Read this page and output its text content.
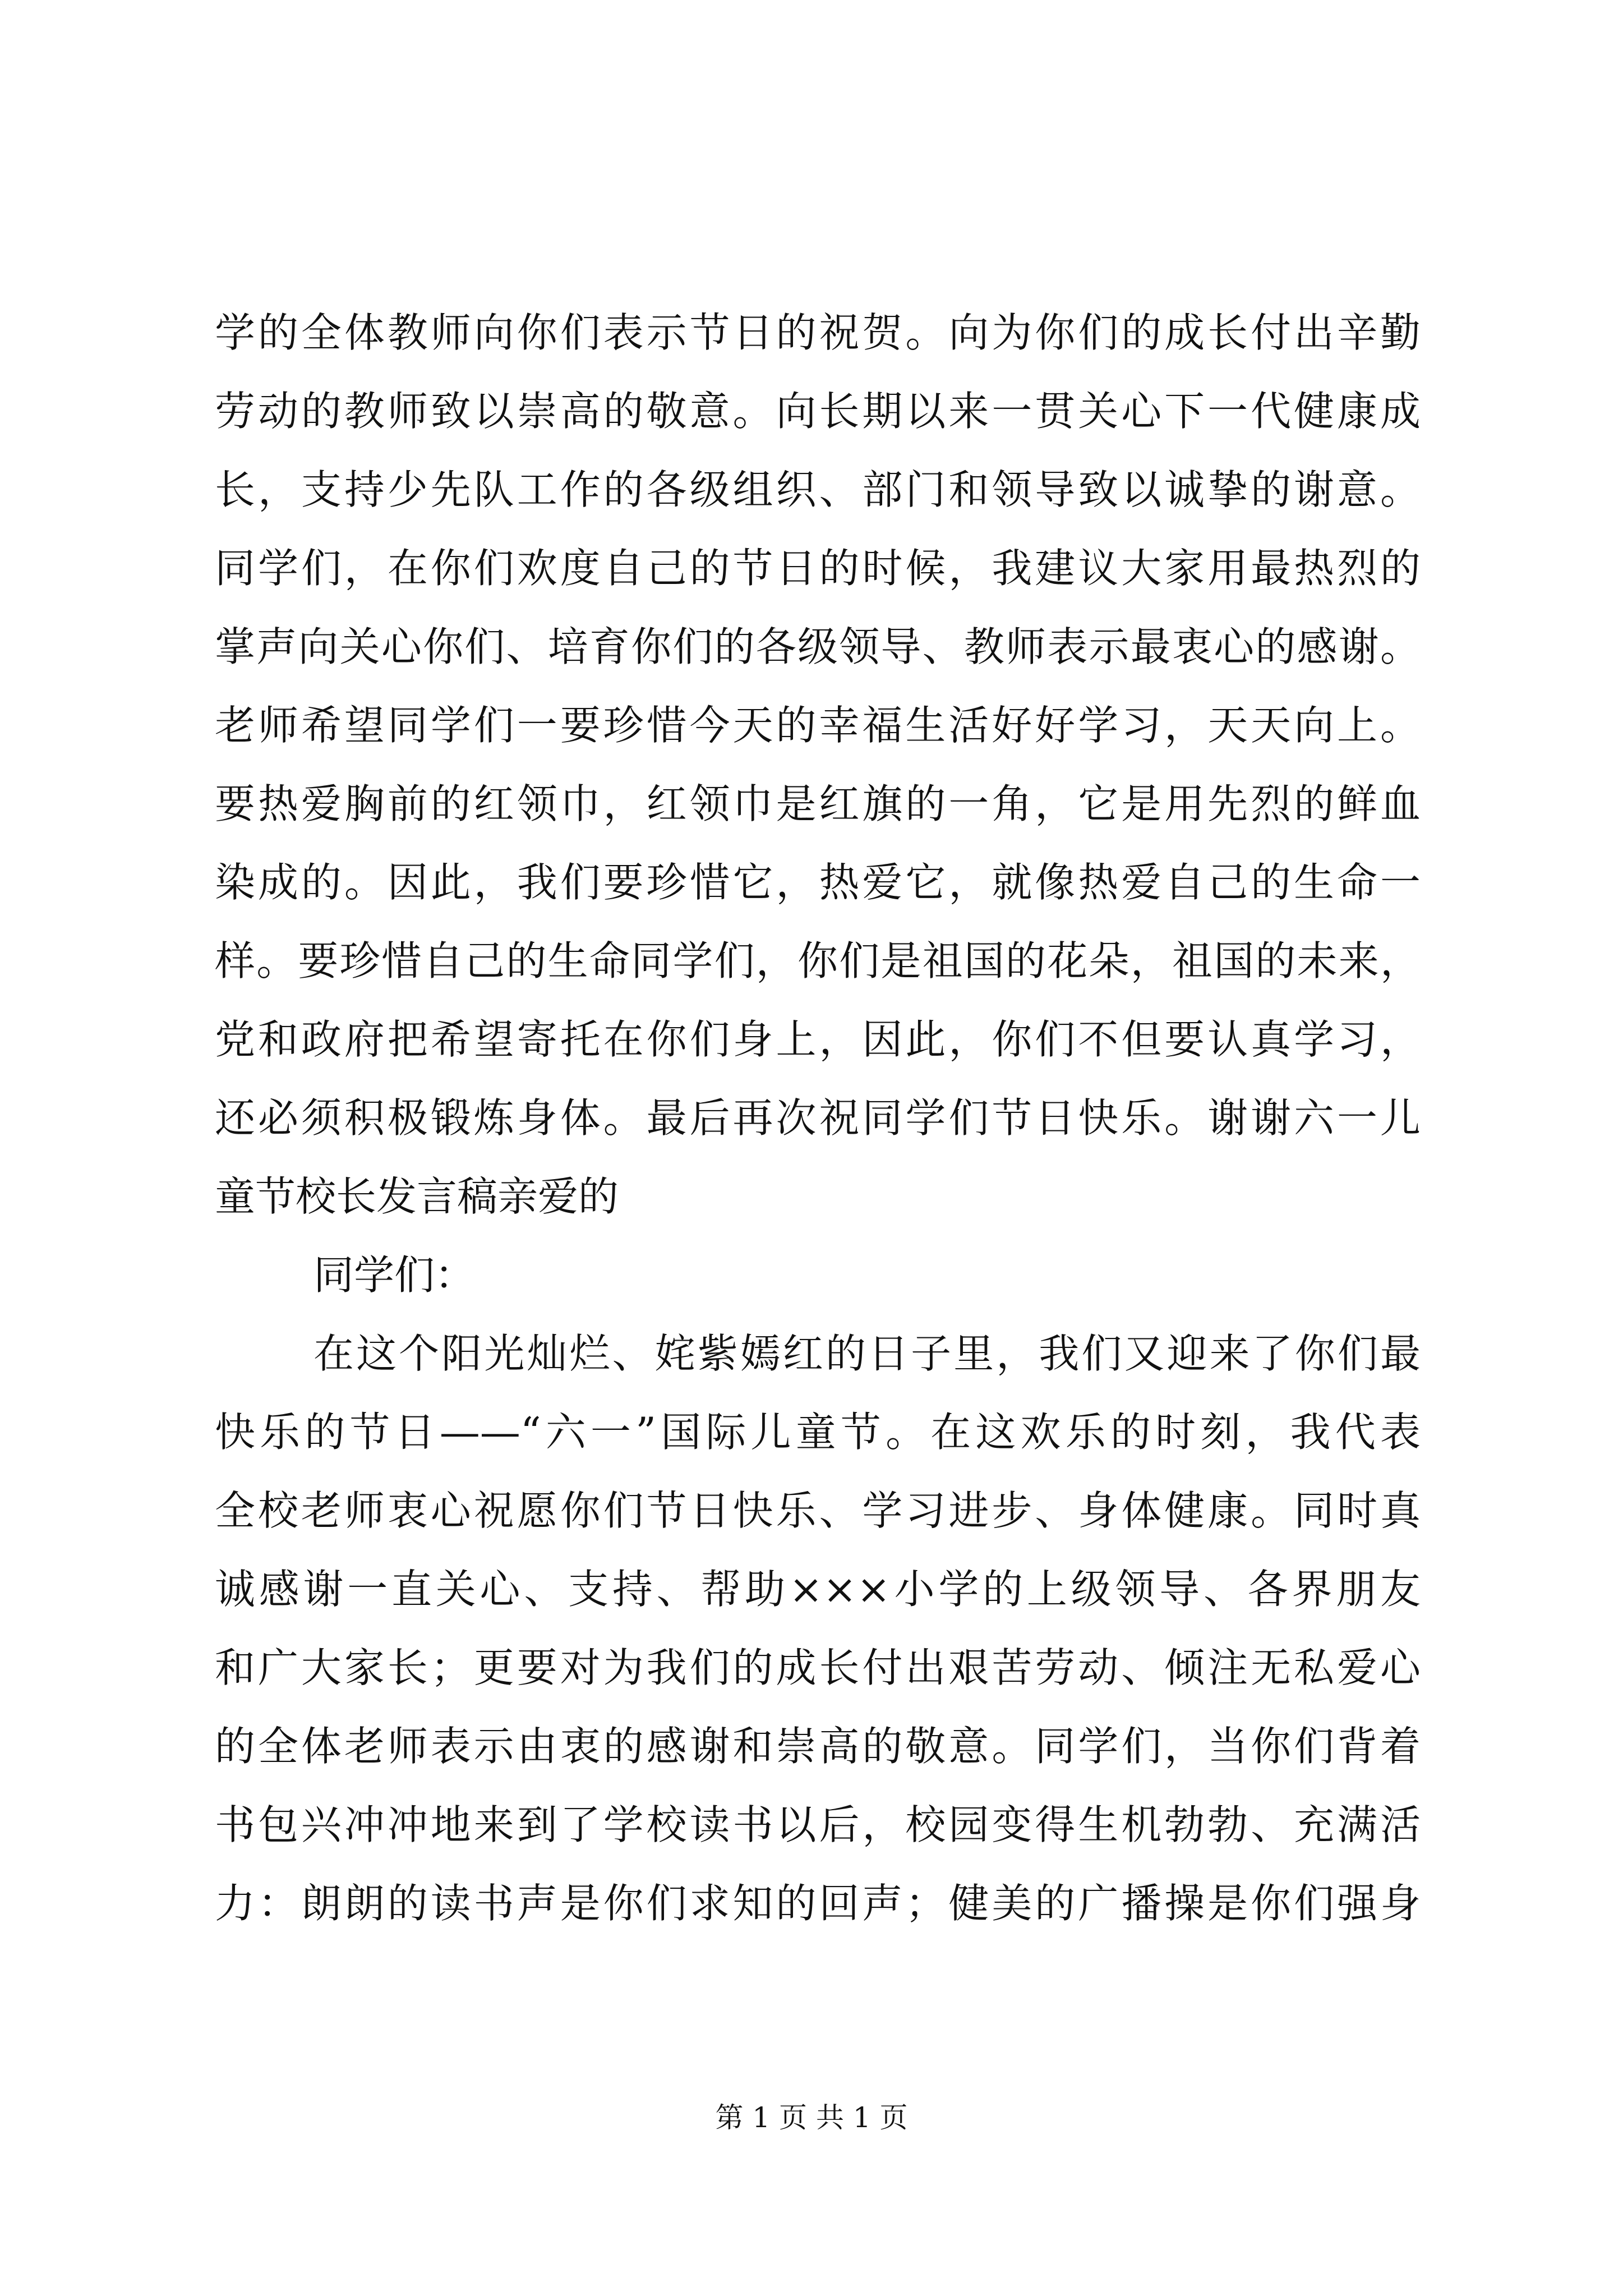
学的全体教师向你们表示节日的祝贺。向为你们的成长付出辛勤
劳动的教师致以崇高的敬意。向长期以来一贯关心下一代健康成
长，支持少先队工作的各级组织、部门和领导致以诚挚的谢意。
同学们，在你们欢度自己的节日的时候，我建议大家用最热烈的
掌声向关心你们、培育你们的各级领导、教师表示最衷心的感谢。
老师希望同学们一要珍惜今天的幸福生活好好学习，天天向上。
要热爱胸前的红领巾，红领巾是红旗的一角，它是用先烈的鲜血
染成的。因此，我们要珍惜它，热爱它，就像热爱自己的生命一
样。要珍惜自己的生命同学们，你们是祖国的花朵，祖国的未来，
党和政府把希望寄托在你们身上，因此，你们不但要认真学习，
还必须积极锻炼身体。最后再次祝同学们节日快乐。谢谢六一儿
童节校长发言稿亲爱的
同学们：
在这个阳光灿烂、姹紫嫣红的日子里，我们又迎来了你们最
快乐的节日——“六一”国际儿童节。在这欢乐的时刻，我代表
全校老师衷心祝愿你们节日快乐、学习进步、身体健康。同时真
诚感谢一直关心、支持、帮助×××小学的上级领导、各界朋友
和广大家长；更要对为我们的成长付出艰苦劳动、倾注无私爱心
的全体老师表示由衷的感谢和崇高的敬意。同学们，当你们背着
书包兴冲冲地来到了学校读书以后，校园变得生机勃勃、充满活
力：朗朗的读书声是你们求知的回声；健美的广播操是你们强身
第 1 页 共 1 页
